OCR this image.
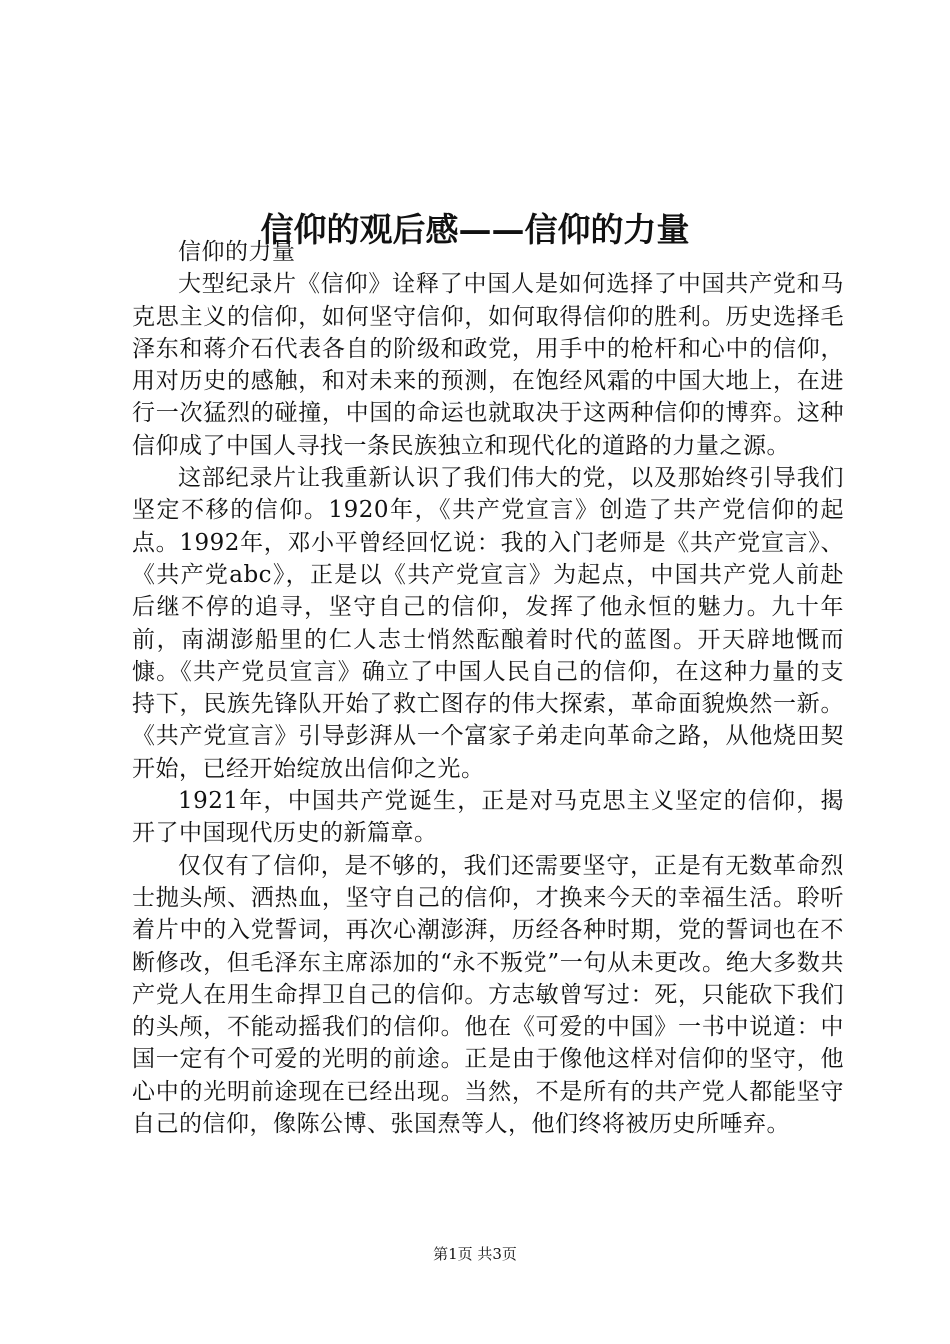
信仰的观后感——信仰的力量

信仰的力量

大型纪录片《信仰》诠释了中国人是如何选择了中国共产党和马克思主义的信仰，如何坚守信仰，如何取得信仰的胜利。历史选择毛泽东和蒋介石代表各自的阶级和政党，用手中的枪杆和心中的信仰，用对历史的感触，和对未来的预测，在饱经风霜的中国大地上，在进行一次猛烈的碰撞，中国的命运也就取决于这两种信仰的博弈。这种信仰成了中国人寻找一条民族独立和现代化的道路的力量之源。

这部纪录片让我重新认识了我们伟大的党，以及那始终引导我们坚定不移的信仰。1920年，《共产党宣言》创造了共产党信仰的起点。1992年，邓小平曾经回忆说：我的入门老师是《共产党宣言》、《共产党abc》，正是以《共产党宣言》为起点，中国共产党人前赴后继不停的追寻，坚守自己的信仰，发挥了他永恒的魅力。九十年前，南湖澎船里的仁人志士悄然酝酿着时代的蓝图。开天辟地慨而慷。《共产党员宣言》确立了中国人民自己的信仰，在这种力量的支持下，民族先锋队开始了救亡图存的伟大探索，革命面貌焕然一新。《共产党宣言》引导彭湃从一个富家子弟走向革命之路，从他烧田契开始，已经开始绽放出信仰之光。

1921年，中国共产党诞生，正是对马克思主义坚定的信仰，揭开了中国现代历史的新篇章。

仅仅有了信仰，是不够的，我们还需要坚守，正是有无数革命烈士抛头颅、洒热血，坚守自己的信仰，才换来今天的幸福生活。聆听着片中的入党誓词，再次心潮澎湃，历经各种时期，党的誓词也在不断修改，但毛泽东主席添加的“永不叛党”一句从未更改。绝大多数共产党人在用生命捍卫自己的信仰。方志敏曾写过：死，只能砍下我们的头颅，不能动摇我们的信仰。他在《可爱的中国》一书中说道：中国一定有个可爱的光明的前途。正是由于像他这样对信仰的坚守，他心中的光明前途现在已经出现。当然，不是所有的共产党人都能坚守自己的信仰，像陈公博、张国焘等人，他们终将被历史所唾弃。

第1页 共3页
